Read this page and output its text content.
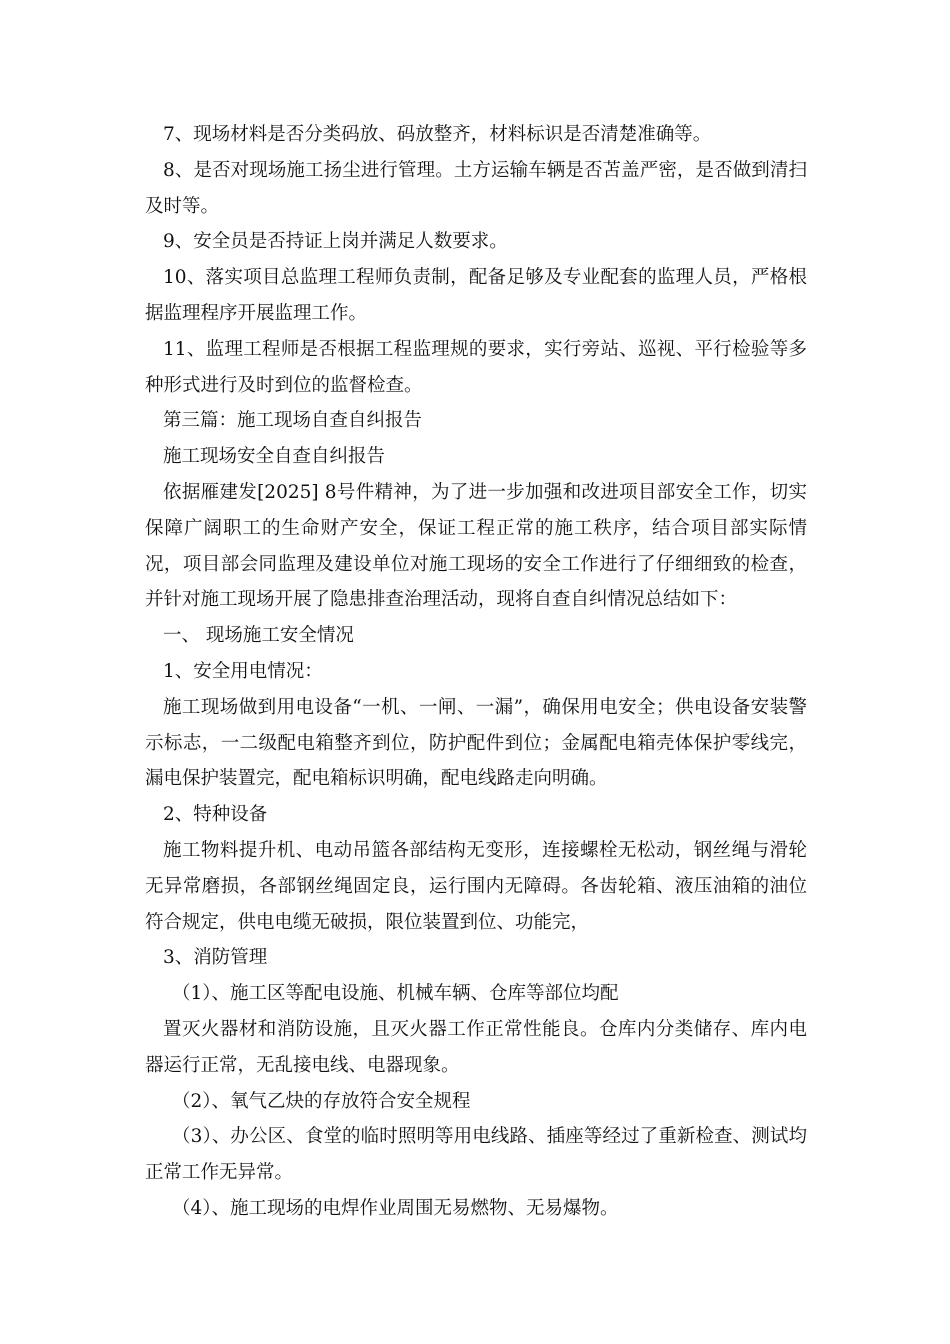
7、现场材料是否分类码放、码放整齐，材料标识是否清楚准确等。

8、是否对现场施工扬尘进行管理。土方运输车辆是否苫盖严密，是否做到清扫及时等。

9、安全员是否持证上岗并满足人数要求。

10、落实项目总监理工程师负责制，配备足够及专业配套的监理人员，严格根据监理程序开展监理工作。

11、监理工程师是否根据工程监理规的要求，实行旁站、巡视、平行检验等多种形式进行及时到位的监督检查。

第三篇：施工现场自查自纠报告

施工现场安全自查自纠报告

依据雁建发[2025] 8号件精神，为了进一步加强和改进项目部安全工作，切实保障广阔职工的生命财产安全，保证工程正常的施工秩序，结合项目部实际情况，项目部会同监理及建设单位对施工现场的安全工作进行了仔细细致的检查，并针对施工现场开展了隐患排查治理活动，现将自查自纠情况总结如下：

一、 现场施工安全情况

1、安全用电情况：

施工现场做到用电设备“一机、一闸、一漏”，确保用电安全；供电设备安装警示标志，一二级配电箱整齐到位，防护配件到位；金属配电箱壳体保护零线完，漏电保护装置完，配电箱标识明确，配电线路走向明确。

2、特种设备

施工物料提升机、电动吊篮各部结构无变形，连接螺栓无松动，钢丝绳与滑轮无异常磨损，各部钢丝绳固定良，运行围内无障碍。各齿轮箱、液压油箱的油位符合规定，供电电缆无破损，限位装置到位、功能完，

3、消防管理

（1）、施工区等配电设施、机械车辆、仓库等部位均配

置灭火器材和消防设施，且灭火器工作正常性能良。仓库内分类储存、库内电器运行正常，无乱接电线、电器现象。

（2）、氧气乙炔的存放符合安全规程

（3）、办公区、食堂的临时照明等用电线路、插座等经过了重新检查、测试均正常工作无异常。

（4）、施工现场的电焊作业周围无易燃物、无易爆物。
